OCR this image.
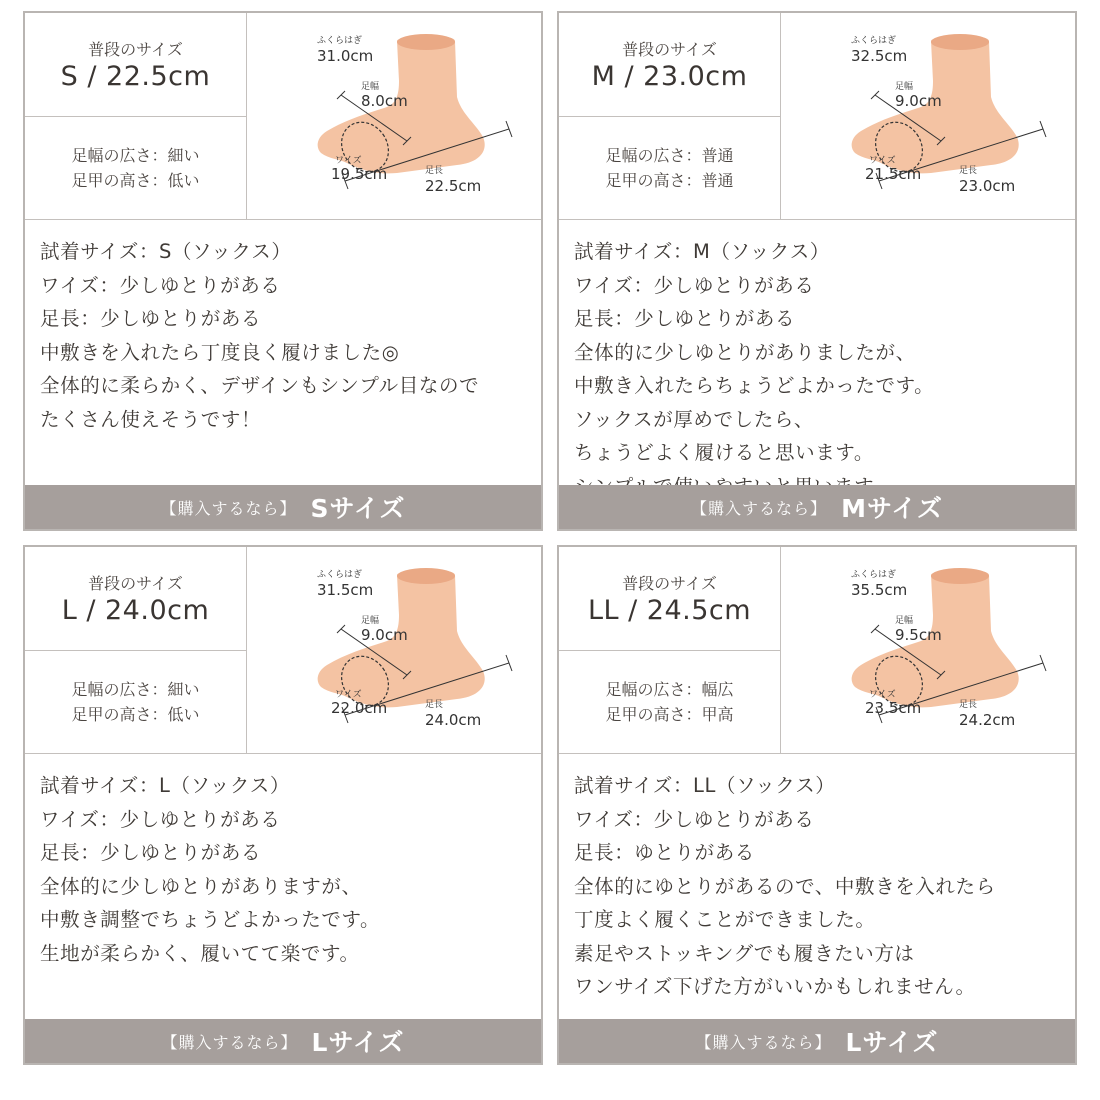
普段のサイズ
S / 22.5cm
足幅の広さ：細い
足甲の高さ：低い
ふくらはぎ
31.0cm
足幅
8.0cm
ワイズ
19.5cm	足長
22.5cm
試着サイズ：S（ソックス）
ワイズ：少しゆとりがある
足長：少しゆとりがある
中敷きを入れたら丁度良く履けました◎
全体的に柔らかく、デザインもシンプル目なので
たくさん使えそうです！
【購入するなら】 Sサイズ
普段のサイズ
M / 23.0cm
足幅の広さ：普通
足甲の高さ：普通
ふくらはぎ
32.5cm
足幅
9.0cm
ワイズ
21.5cm	足長
23.0cm
試着サイズ：M（ソックス）
ワイズ：少しゆとりがある
足長：少しゆとりがある
全体的に少しゆとりがありましたが、
中敷き入れたらちょうどよかったです。
ソックスが厚めでしたら、
ちょうどよく履けると思います。
【購入するなら】 Mサイズ
普段のサイズ
L / 24.0cm
足幅の広さ：細い
足甲の高さ：低い
ふくらはぎ
31.5cm
足幅
9.0cm
ワイズ
22.0cm	足長
24.0cm
試着サイズ：L（ソックス）
ワイズ：少しゆとりがある
足長：少しゆとりがある
全体的に少しゆとりがありますが、
中敷き調整でちょうどよかったです。
生地が柔らかく、履いてて楽です。
【購入するなら】 Lサイズ
普段のサイズ
LL / 24.5cm
足幅の広さ：幅広
足甲の高さ：甲高
ふくらはぎ
35.5cm
足幅
9.5cm
ワイズ
23.5cm	足長
24.2cm
試着サイズ：LL（ソックス）
ワイズ：少しゆとりがある
足長：ゆとりがある
全体的にゆとりがあるので、中敷きを入れたら
丁度よく履くことができました。
素足やストッキングでも履きたい方は
ワンサイズ下げた方がいいかもしれません。
【購入するなら】 Lサイズ
